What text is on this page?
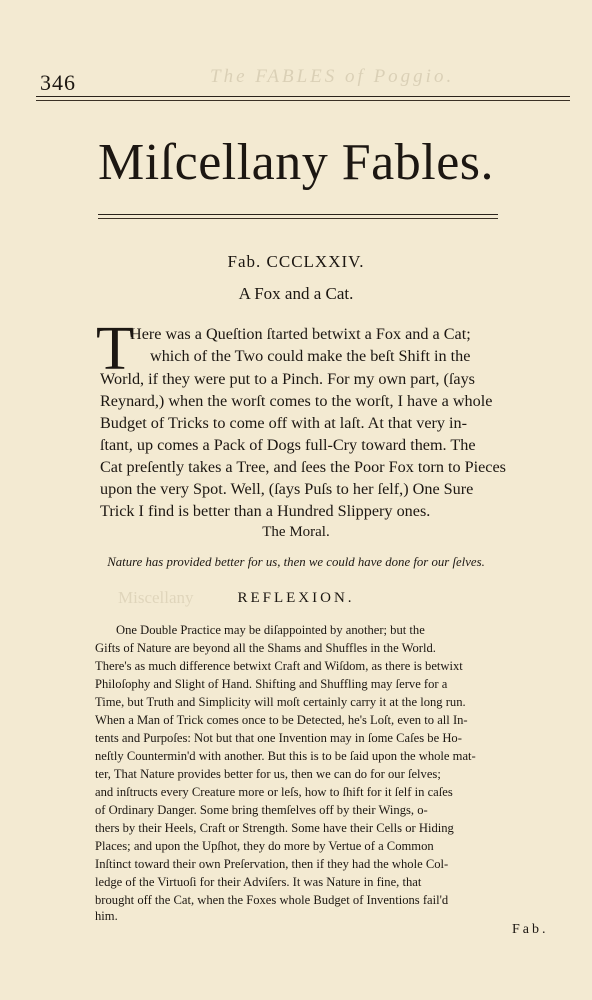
The FABLES of Poggio.
Miscellany
346
Miſcellany Fables.
Fab. CCCLXXIV.
A Fox and a Cat.
T
Here was a Queſtion ſtarted betwixt a Fox and a Cat;
which of the Two could make the beſt Shift in the
World, if they were put to a Pinch. For my own part, (ſays
Reynard,) when the worſt comes to the worſt, I have a whole
Budget of Tricks to come off with at laſt. At that very in-
ſtant, up comes a Pack of Dogs full-Cry toward them. The
Cat preſently takes a Tree, and ſees the Poor Fox torn to Pieces
upon the very Spot. Well, (ſays Puſs to her ſelf,) One Sure
Trick I find is better than a Hundred Slippery ones.
The Moral.
Nature has provided better for us, then we could have done for our ſelves.
REFLEXION.
One Double Practice may be diſappointed by another; but the
Gifts of Nature are beyond all the Shams and Shuffles in the World.
There's as much difference betwixt Craft and Wiſdom, as there is betwixt
Philoſophy and Slight of Hand. Shifting and Shuffling may ſerve for a
Time, but Truth and Simplicity will moſt certainly carry it at the long run.
When a Man of Trick comes once to be Detected, he's Loſt, even to all In-
tents and Purpoſes: Not but that one Invention may in ſome Caſes be Ho-
neſtly Countermin'd with another. But this is to be ſaid upon the whole mat-
ter, That Nature provides better for us, then we can do for our ſelves;
and inſtructs every Creature more or leſs, how to ſhift for it ſelf in caſes
of Ordinary Danger. Some bring themſelves off by their Wings, o-
thers by their Heels, Craft or Strength. Some have their Cells or Hiding
Places; and upon the Upſhot, they do more by Vertue of a Common
Inſtinct toward their own Preſervation, then if they had the whole Col-
ledge of the Virtuoſi for their Adviſers. It was Nature in fine, that
brought off the Cat, when the Foxes whole Budget of Inventions fail'd
him.
Fab.
